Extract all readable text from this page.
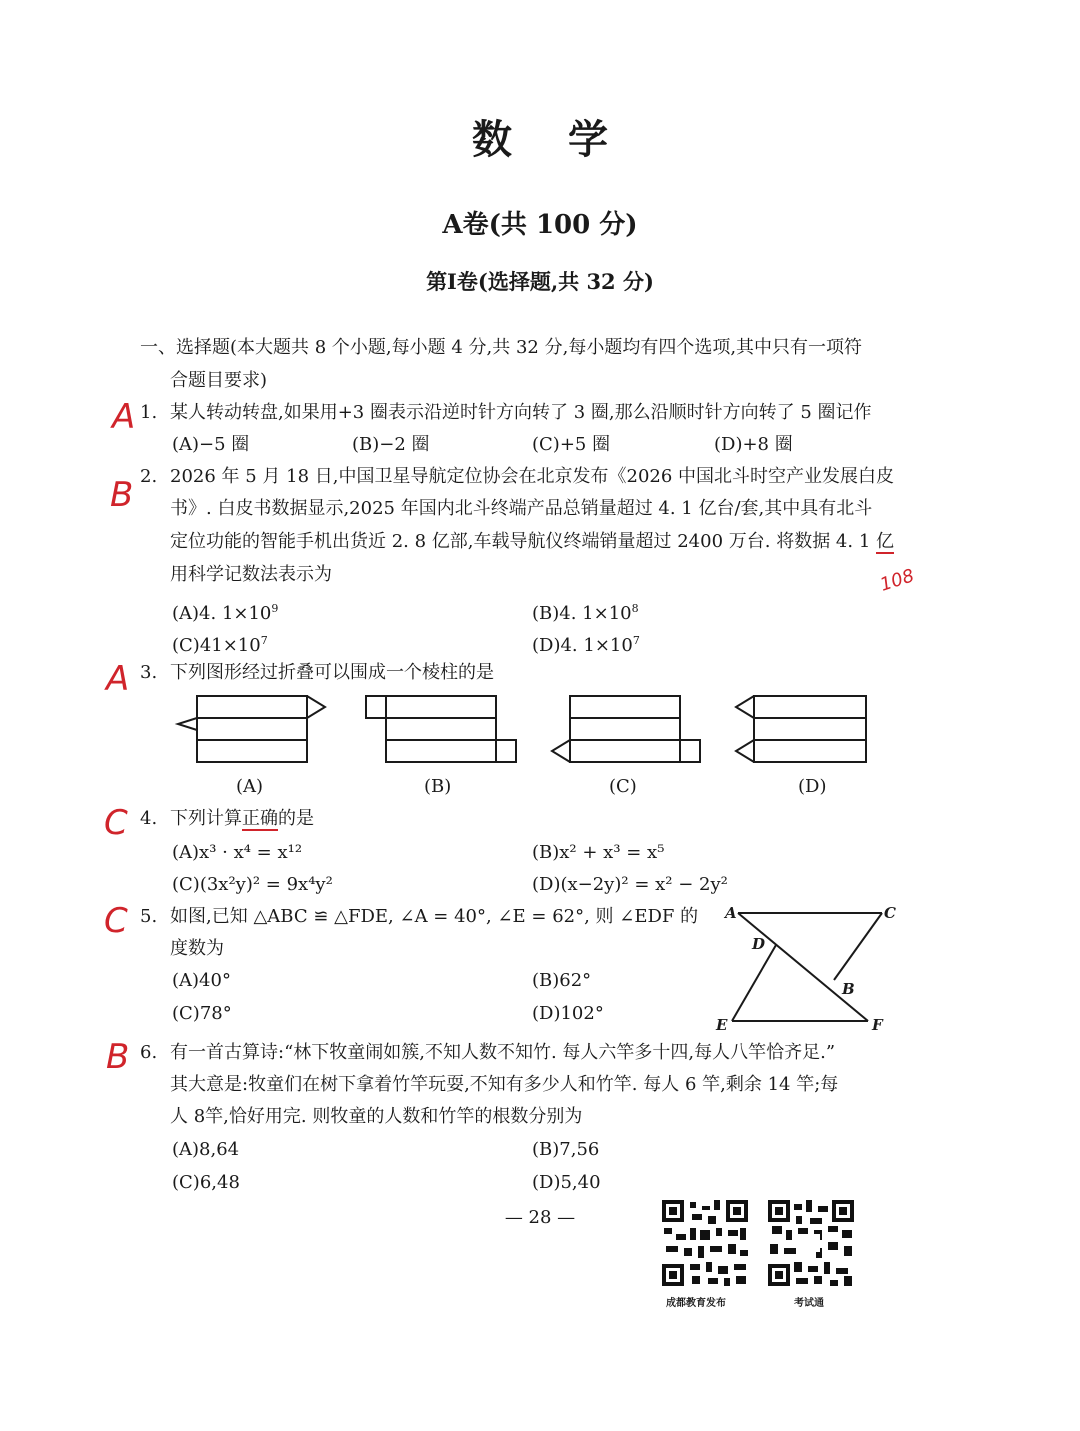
数学
A卷(共 100 分)
第Ⅰ卷(选择题,共 32 分)
一、选择题(本大题共 8 个小题,每小题 4 分,共 32 分,每小题均有四个选项,其中只有一项符
合题目要求)
A 1. 某人转动转盘,如果用+3 圈表示沿逆时针方向转了 3 圈,那么沿顺时针方向转了 5 圈记作
(A)−5 圈	(B)−2 圈	(C)+5 圈	(D)+8 圈
B 2. 2026 年 5 月 18 日,中国卫星导航定位协会在北京发布《2026 中国北斗时空产业发展白皮
书》. 白皮书数据显示,2025 年国内北斗终端产品总销量超过 4. 1 亿台/套,其中具有北斗
定位功能的智能手机出货近 2. 8 亿部,车载导航仪终端销量超过 2400 万台. 将数据 4. 1 亿
108
用科学记数法表示为
(A)4. $1\times 10^9$	(B)4. $1\times 10^8$
$(C)41\times 10^7$	(D)4. $1\times 10^7$
A 3. 下列图形经过折叠可以围成一个棱柱的是
(A)	(B)	(C)	(D)
C 4. 下列计算正确的是
(A)x³ · x⁴ = x¹²	(B)x² + x³ = x⁵
(C)(3x²y)² = 9x⁴y²	(D)(x−2y)² = x² − 2y²
C 5. 如图,已知 △ABC ≌ △FDE, ∠A = 40°, ∠E = 62°, 则 ∠EDF 的
度数为
(A)40°	(B)62°
(C)78°	(D)102°
A	C
D
B
E	F
B 6. 有一首古算诗:“林下牧童闹如簇,不知人数不知竹. 每人六竿多十四,每人八竿恰齐足.”
其大意是:牧童们在树下拿着竹竿玩耍,不知有多少人和竹竿. 每人 6 竿,剩余 14 竿;每
人 8竿,恰好用完. 则牧童的人数和竹竿的根数分别为
(A)8,64	(B)7,56
(C)6,48	(D)5,40
— 28 —
成都教育发布	考试通
